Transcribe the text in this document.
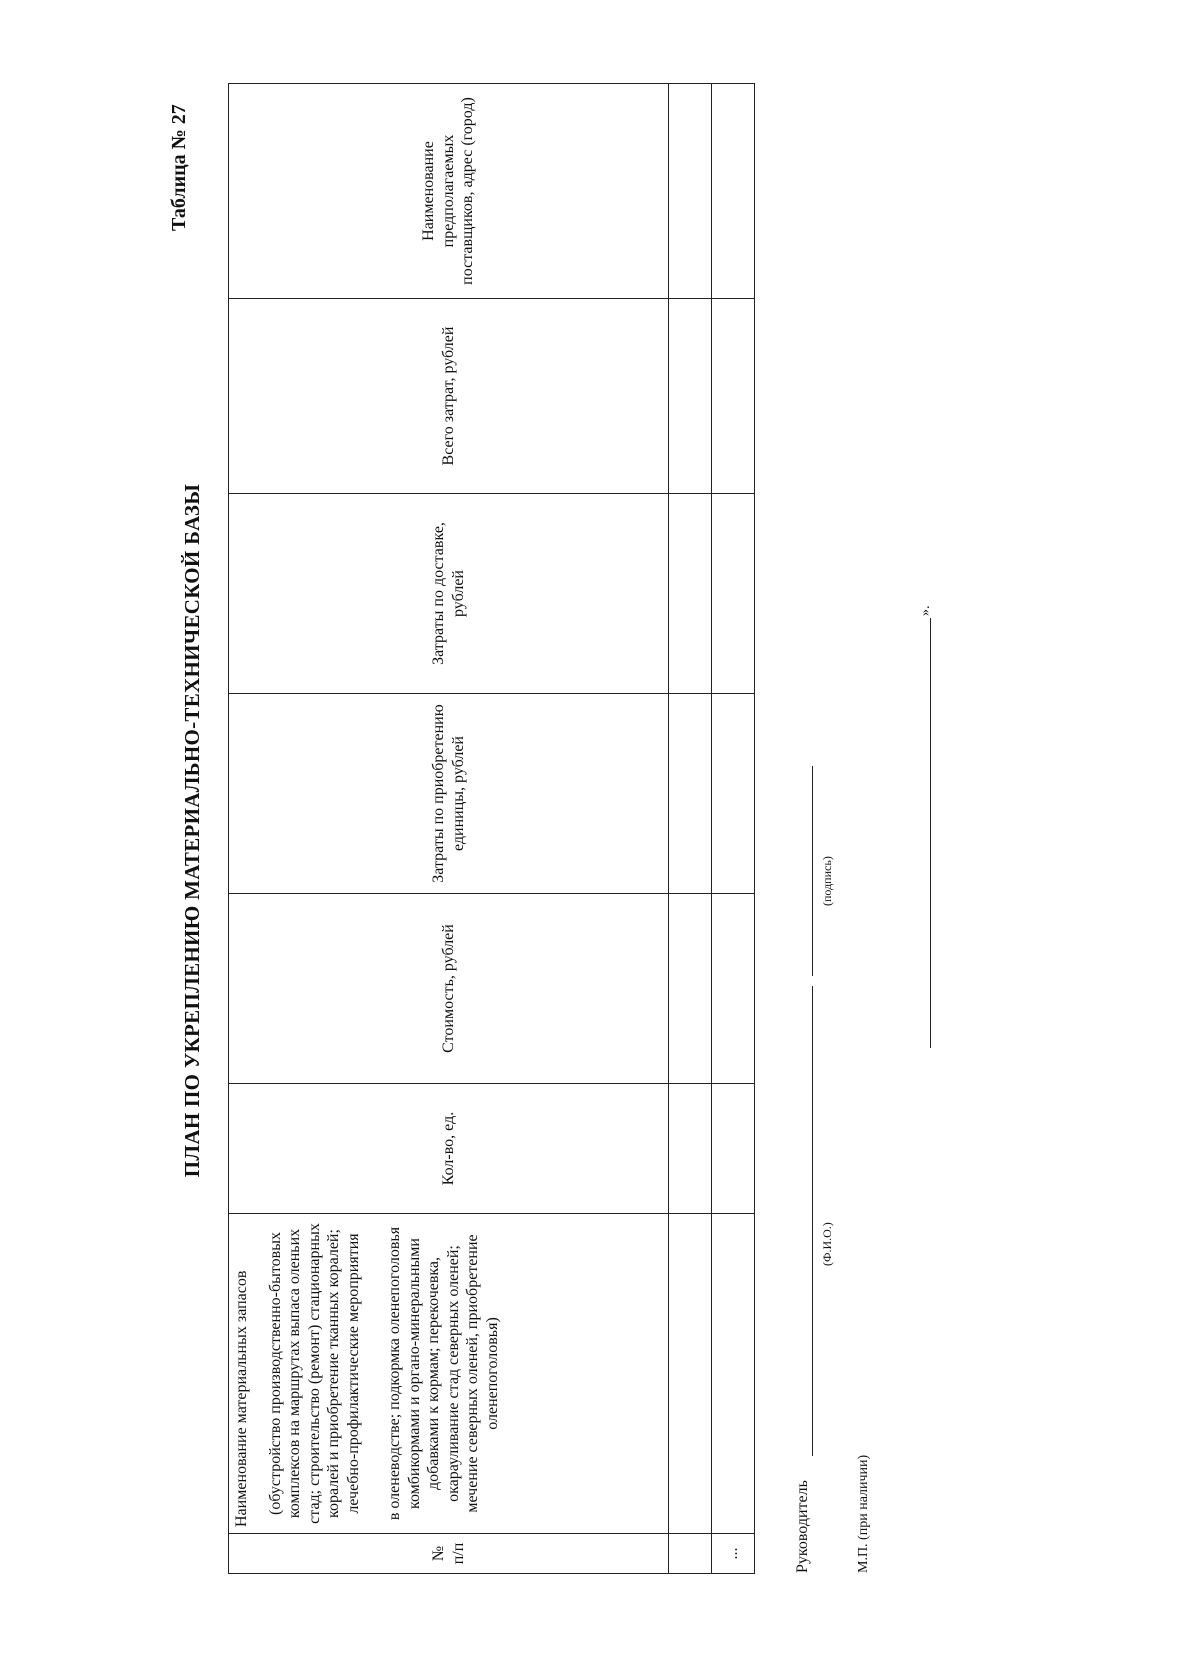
Таблица № 27
ПЛАН ПО УКРЕПЛЕНИЮ МАТЕРИАЛЬНО-ТЕХНИЧЕСКОЙ БАЗЫ
№ п/п	Наименование материальных запасов (обустройство производственно-бытовых комплексов на маршрутах выпаса оленьих стад; строительство (ремонт) стационарных коралей и приобретение тканных коралей; лечебно-профилактические мероприятия в оленеводстве; подкормка оленепоголовья комбикормами и органо-минеральными добавками к кормам; перекочевка, окарауливание стад северных оленей; мечение северных оленей, приобретение оленепоголовья)	Кол-во, ед.	Стоимость, рублей	Затраты по приобретению единицы, рублей	Затраты по доставке, рублей	Всего затрат, рублей	Наименование предполагаемых поставщиков, адрес (город)

...								Руководитель
(Ф.И.О.)
(подпись)
М.П. (при наличии)
».
